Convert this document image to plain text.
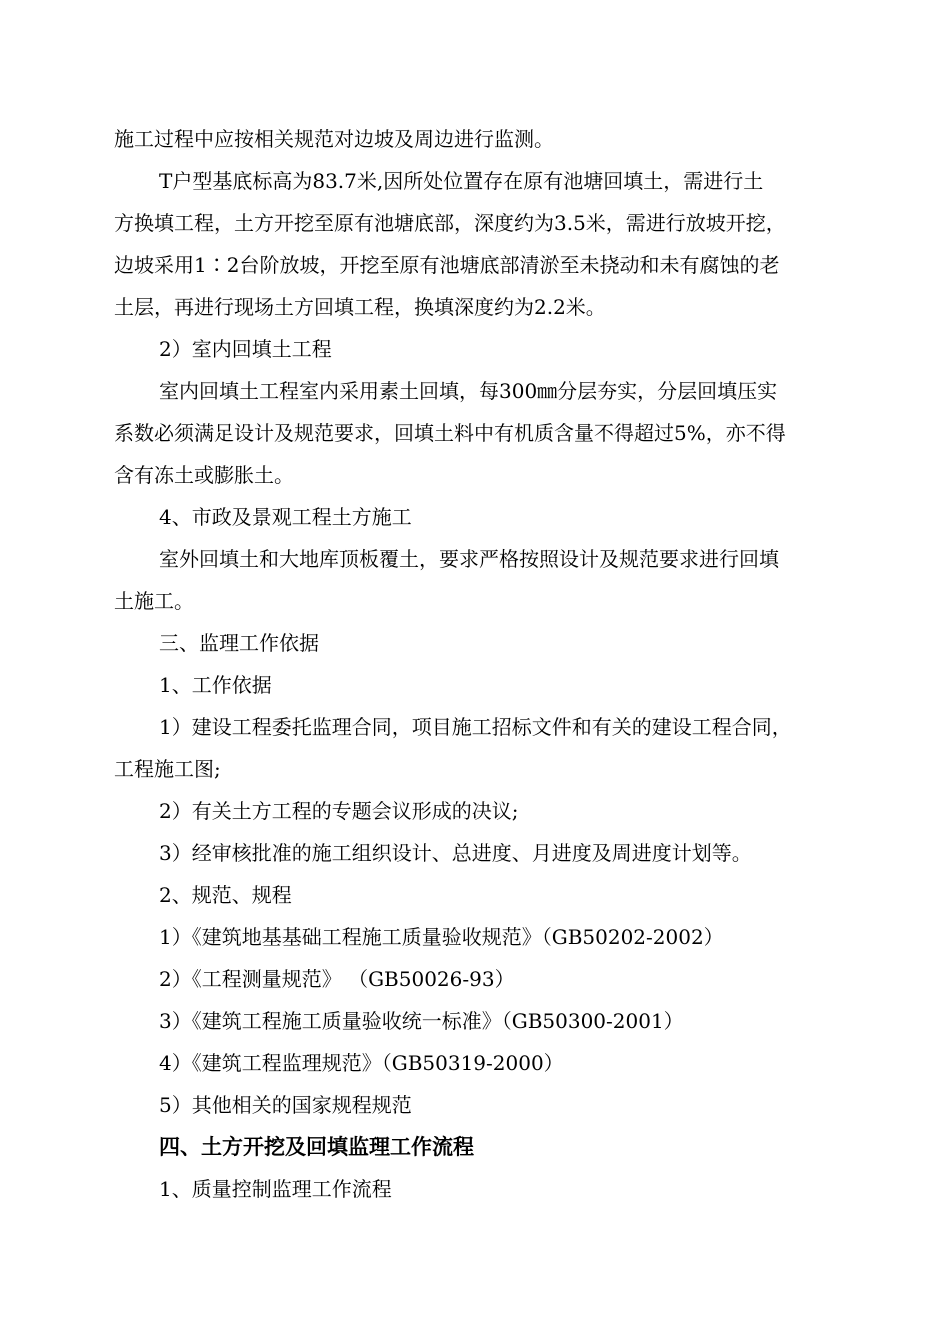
施工过程中应按相关规范对边坡及周边进行监测。
T户型基底标高为83.7米,因所处位置存在原有池塘回填土，需进行土
方换填工程，土方开挖至原有池塘底部，深度约为3.5米，需进行放坡开挖，
边坡采用1∶2台阶放坡，开挖至原有池塘底部清淤至未挠动和未有腐蚀的老
土层，再进行现场土方回填工程，换填深度约为2.2米。
2）室内回填土工程
室内回填土工程室内采用素土回填，每300㎜分层夯实，分层回填压实
系数必须满足设计及规范要求，回填土料中有机质含量不得超过5%，亦不得
含有冻土或膨胀土。
4、市政及景观工程土方施工
室外回填土和大地库顶板覆土，要求严格按照设计及规范要求进行回填
土施工。
三、监理工作依据
1、工作依据
1）建设工程委托监理合同，项目施工招标文件和有关的建设工程合同，
工程施工图;
2）有关土方工程的专题会议形成的决议;
3）经审核批准的施工组织设计、总进度、月进度及周进度计划等。
2、规范、规程
1）《建筑地基基础工程施工质量验收规范》（GB50202-2002）
2）《工程测量规范》 （GB50026-93）
3）《建筑工程施工质量验收统一标准》（GB50300-2001）
4）《建筑工程监理规范》（GB50319-2000）
5）其他相关的国家规程规范
四、土方开挖及回填监理工作流程
1、质量控制监理工作流程
